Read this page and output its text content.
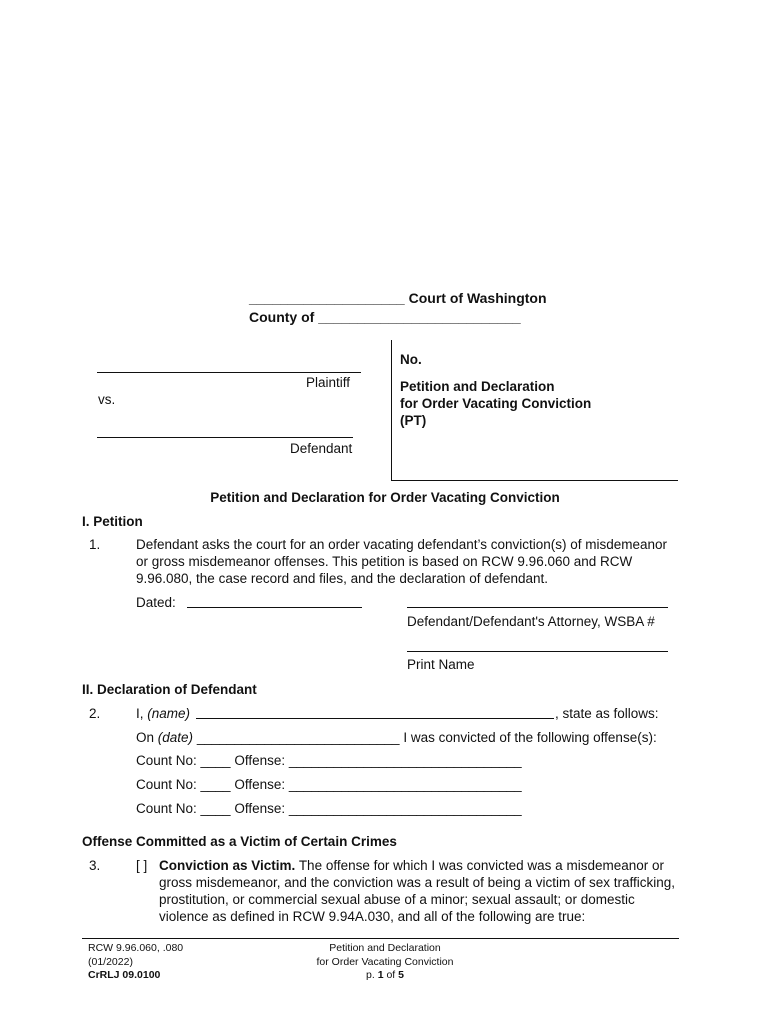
____________________ Court of Washington
County of __________________________
Plaintiff
vs.
Defendant
No.
Petition and Declaration
for Order Vacating Conviction
(PT)
Petition and Declaration for Order Vacating Conviction
I. Petition
1.	Defendant asks the court for an order vacating defendant’s conviction(s) of misdemeanor or gross misdemeanor offenses. This petition is based on RCW 9.96.060 and RCW 9.96.080, the case record and files, and the declaration of defendant.
Dated:
Defendant/Defendant's Attorney, WSBA #
Print Name
II. Declaration of Defendant
2.	I, (name)	, state as follows:
On (date) ___________________________ I was convicted of the following offense(s):
Count No: ____ Offense: _______________________________
Count No: ____ Offense: _______________________________
Count No: ____ Offense: _______________________________
Offense Committed as a Victim of Certain Crimes
3.	[ ] Conviction as Victim. The offense for which I was convicted was a misdemeanor or gross misdemeanor, and the conviction was a result of being a victim of sex trafficking, prostitution, or commercial sexual abuse of a minor; sexual assault; or domestic violence as defined in RCW 9.94A.030, and all of the following are true:
RCW 9.96.060, .080
(01/2022)
CrRLJ 09.0100
Petition and Declaration
for Order Vacating Conviction
p. 1 of 5
